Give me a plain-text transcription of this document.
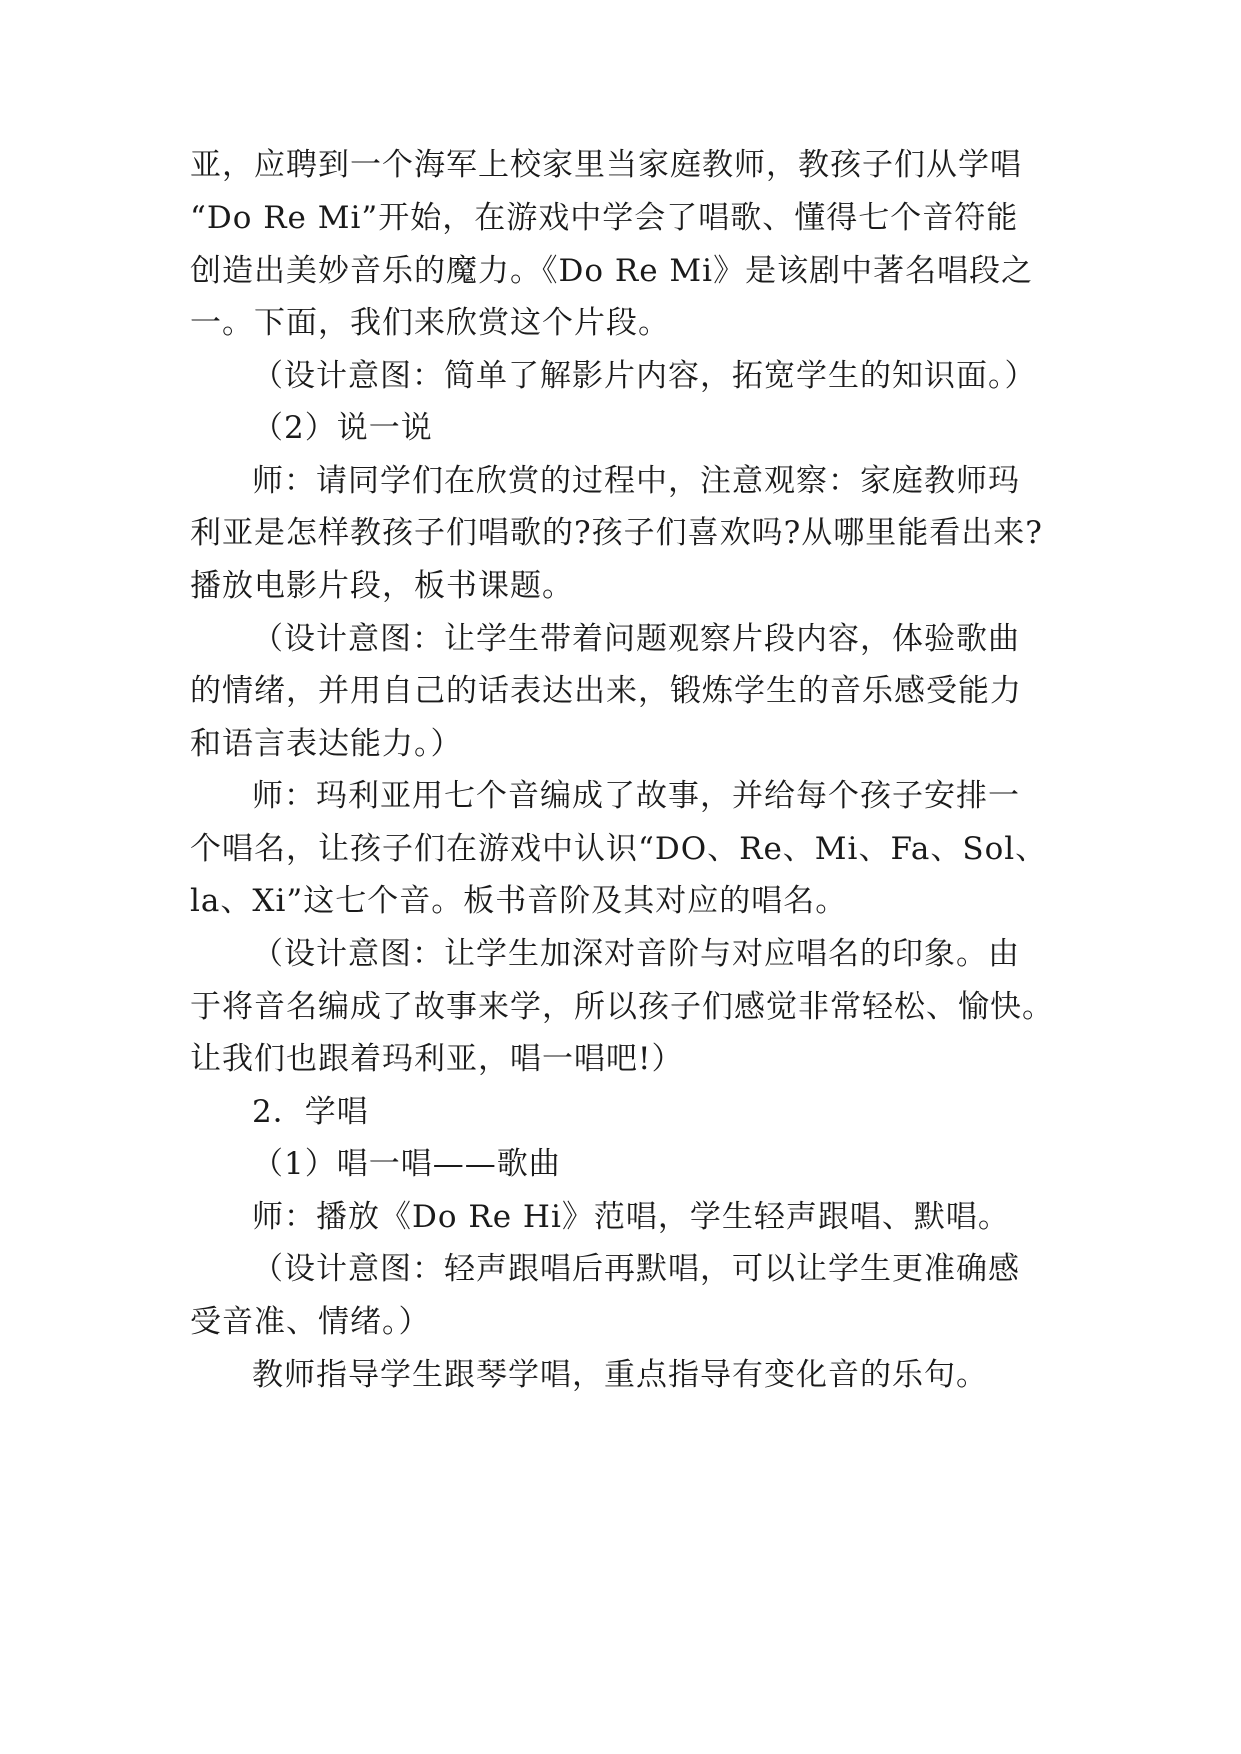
亚，应聘到一个海军上校家里当家庭教师，教孩子们从学唱
“Do Re Mi”开始，在游戏中学会了唱歌、懂得七个音符能
创造出美妙音乐的魔力。《Do Re Mi》是该剧中著名唱段之
一。下面，我们来欣赏这个片段。
（设计意图：简单了解影片内容，拓宽学生的知识面。）
（2）说一说
师：请同学们在欣赏的过程中，注意观察：家庭教师玛
利亚是怎样教孩子们唱歌的?孩子们喜欢吗?从哪里能看出来?
播放电影片段，板书课题。
（设计意图：让学生带着问题观察片段内容，体验歌曲
的情绪，并用自己的话表达出来，锻炼学生的音乐感受能力
和语言表达能力。）
师：玛利亚用七个音编成了故事，并给每个孩子安排一
个唱名，让孩子们在游戏中认识“DO、Re、Mi、Fa、Sol、
la、Xi”这七个音。板书音阶及其对应的唱名。
（设计意图：让学生加深对音阶与对应唱名的印象。由
于将音名编成了故事来学，所以孩子们感觉非常轻松、愉快。
让我们也跟着玛利亚，唱一唱吧!）
2．学唱
（1）唱一唱——歌曲
师：播放《Do Re Hi》范唱，学生轻声跟唱、默唱。
（设计意图：轻声跟唱后再默唱，可以让学生更准确感
受音准、情绪。）
教师指导学生跟琴学唱，重点指导有变化音的乐句。
